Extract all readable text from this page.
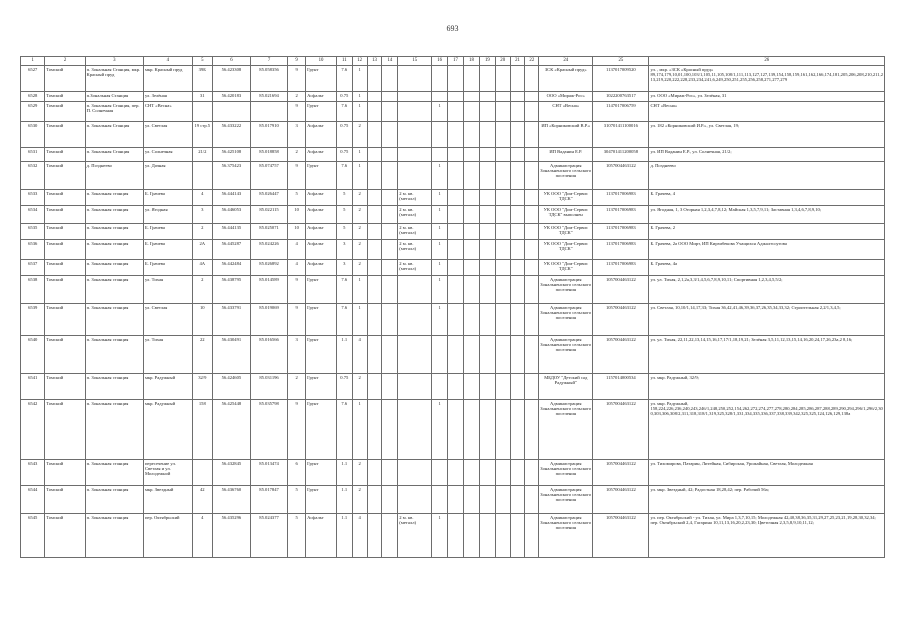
693
1	2	3	4	5	6	7	9	10	11	12	13	14	15	16	17	18	19	20	21	22	24	25	26
6527	Томский	п. Зональная Станция, мкр. Красный пруд	мкр. Красный пруд	39Б	56.423308	85.058356	9	Грунт	7.6	1											ЗСК «Красный пруд»	1137017009520	ул. , мкр. «ЗСК «Красный пруд» 89,174,179,10,01,100,103/1,105,11,105,108/1,111,113,127,127,139,154,158,159,161,162,166,174,181,205,206,208,210,211,213,219,220,222,228,233,234,241,6,249,250,251,255,256,258,271,277,279
6528	Томский	п.Зональная Станция	ул. Зелёная	31	56.420183	85.021694	2	Асфальт	0.75	1											ООО «Мираж-Рос»	1022200763517	ул. ООО «Мираж-Рос», ул. Зелёная, 31
6529	Томский	п. Зональная Станция, пер. П. Солнечная	СНТ «Весна»				9	Грунт	7.6	1				1							СНТ «Весна»	1147017006759	СНТ «Весна»
6530	Томский	п. Зональная Станция	ул. Светлая	19 стр.5	56.433222	85.017910	3	Асфальт	0.75	2											ИП «Корниковский В.Р.»	310701411100016	ул. 182 «Корниковский И.Р.», ул. Светлая, 19;
6531	Томский	п. Зональная Станция	ул. Солнечная	21/2	56.425108	85.018858	2	Асфальт	0.75	1											ИП Ваданин Е.Р.	304701411200058	ул. ИП Ваданин Е.Р., ул. Солнечная, 21/2;
6532	Томский	д. Позднеево	ул. Дачная		56.375423	85.074757	9	Грунт	7.6	1				1							Администрация Зональненского сельского поселения	1057004463122	д. Позднеево
6533	Томский	п. Зональная станция	Б. Грачева	4	56.444143	85.026447	5	Асфальт	5	2			2 м. кв. (металл)	1							УК ООО "Дом-Сервис ТДСК"	1137017006983	Б. Грачева, 4
6534	Томский	п. Зональная станция	ул. Ягодная	3	56.446053	85.022115	10	Асфальт	5	2			2 м. кв. (металл)	1							УК ООО "Дом-Сервис ТДСК" выполнен	1137017006983	ул. Ягодная, 1, 3 Огорная 1,2,3,4,7,8,12; Майская 1,3,5,7,9,11; Заставная 1,3,4,6,7,8,9,10;
6535	Томский	п. Зональная станция	Б. Грачева	2	56.444135	85.025071	10	Асфальт	5	2			2 м. кв. (металл)	1							УК ООО "Дом-Сервис ТДСК"	1137017006983	Б. Грачева, 2
6536	Томский	п. Зональная станция	Б. Грачева	2А	56.445287	85.024226	4	Асфальт	3	2			2 м. кв. (металл)	1							УК ООО "Дом-Сервис ТДСК"	1137017006983	Б. Грачева, 2а ООО Мирт, ИП Кирзибекова Учащихся Аджалтсоугова
6537	Томский	п. Зональная станция	Б. Грачева	4А	56.442484	85.026892	4	Асфальт	3	2			2 м. кв. (металл)	1							УК ООО "Дом-Сервис ТДСК"	1137017006983	Б. Грачева, 4а
6538	Томский	п. Зональная станция	ул. Тихая	2	56.438795	85.014589	9	Грунт	7.6	1				1							Администрация Зональненского сельского поселения	1057004463122	ул. ул. Тихая, 2,1,2а,3,3/1,4,5,6,7,8,9,10,11; Спортивная 1,2,3,4,5,5/2;
6539	Томский	п. Зональная станция	ул. Светлая	10	56.433791	85.019069	9	Грунт	7.6	1				1							Администрация Зональненского сельского поселения	1057004463122	ул. Светлая, 10,10/1,14,17,33; Тихая 36,42,41,46,39,36,37,26,35,34,33,32; Строительная 2,2/1,3,4,5;
6540	Томский	п. Зональная станция	ул. Тихая	22	56.430491	85.016566	3	Грунт	1.1	4											Администрация Зональненского сельского поселения	1057004463122	ул. ул. Тихая, 22,11,22,13,14,15,16,17,17/1,18,19,21; Зелёная 3,5,11,12,13,15,14,16,20,24,17,26,23а,2 8,16;
6541	Томский	п. Зональная станция	мкр. Радужный	32/9	56.424605	85.031196	2	Грунт	0.75	2											МБДОУ "Детский сад Радужный"	1157014000534	ул. мкр. Радужный, 32/9;
6542	Томский	п. Зональная станция	мкр. Радужный	158	56.425448	85.035798	9	Грунт	7.6	1				1							Администрация Зональненского сельского поселения	1057004463122	ул. мкр. Радужный, 158,224,226,236,240,243,246/1,248,250,252,154,262,272,274,277,278,280,284,285,286,287,288,289,290,294,296/1,296/2,300,303,306,308/2,311,318,318/1,319,325,328/1,331,334,335,336,337,338,339,342,325,325,124,126,129,138а
6543	Томский	п. Зональная станция	пересечение ул. Светлая и ул. Молодежной		56.432845	85.013474	6	Грунт	1.1	2											Администрация Зональненского сельского поселения	1057004463122	ул. Тихомирова, Патарин, Литейная, Сибирская, Урожайная, Светлая, Молодежная
6544	Томский	п. Зональная станция	мкр. Звездный	42	56.436760	85.017847	5	Грунт	1.1	2											Администрация Зональненского сельского поселения	1057004463122	ул. мкр. Звездный, 42; Радостная 18,28,42; пер. Рабочий 56а;
6545	Томский	п. Зональная станция	пер. Октябрьский	4	56.435296	85.024377	5	Асфальт	1.1	4			2 м. кв. (металл)	1							Администрация Зональненского сельского поселения	1057004463122	ул. пер. Октябрьский - ул. Тихая, ул. Мира 1,3,7,10,15; Молодежная 42,40,38,36,35,31,29,27,25,23,21,19,28,30,32,34; пер. Октябрьский 2,4, Гагарина 10,11,13,16,20,2,23,30; Цветочная 2,3,5,8,9,10,11,12;
